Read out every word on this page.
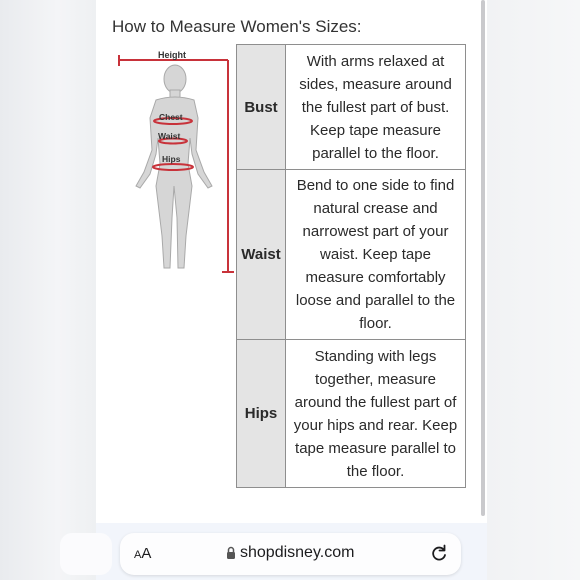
How to Measure Women's Sizes:
Height
Chest
Waist
Hips
Bust	With arms relaxed at sides, measure around the fullest part of bust. Keep tape measure parallel to the floor.
Waist	Bend to one side to find natural crease and narrowest part of your waist. Keep tape measure comfortably loose and parallel to the floor.
Hips	Standing with legs together, measure around the fullest part of your hips and rear. Keep tape measure parallel to the floor.
AA	shopdisney.com
